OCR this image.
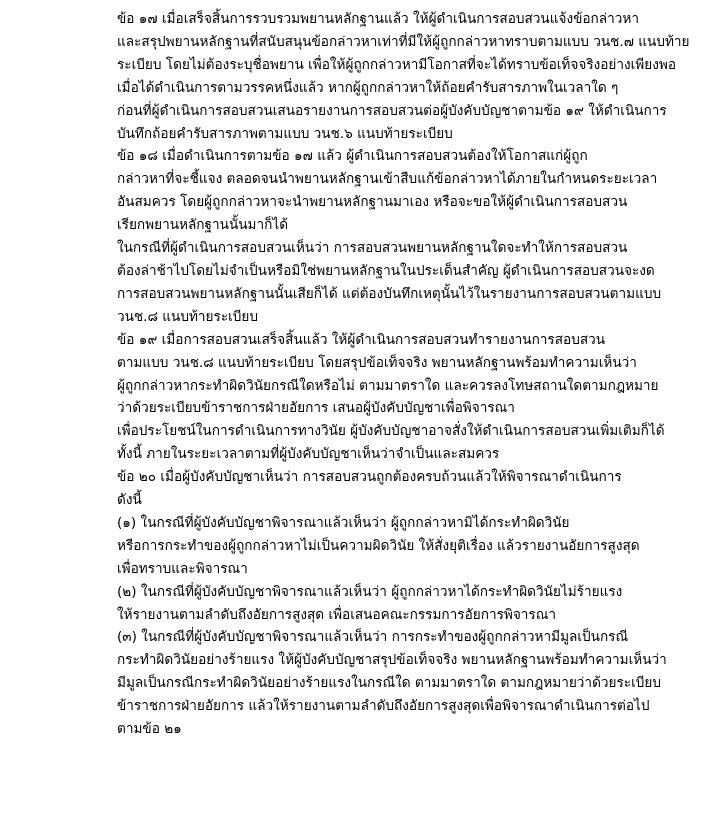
ข้อ ๑๗ เมื่อเสร็จสิ้นการรวบรวมพยานหลักฐานแล้ว ให้ผู้ดำเนินการสอบสวนแจ้งข้อกล่าวหา
และสรุปพยานหลักฐานที่สนับสนุนข้อกล่าวหาเท่าที่มีให้ผู้ถูกกล่าวหาทราบตามแบบ วนช.๗ แนบท้าย
ระเบียบ โดยไม่ต้องระบุชื่อพยาน เพื่อให้ผู้ถูกกล่าวหามีโอกาสที่จะได้ทราบข้อเท็จจริงอย่างเพียงพอ

เมื่อได้ดำเนินการตามวรรคหนึ่งแล้ว หากผู้ถูกกล่าวหาให้ถ้อยคำรับสารภาพในเวลาใด ๆ
ก่อนที่ผู้ดำเนินการสอบสวนเสนอรายงานการสอบสวนต่อผู้บังคับบัญชาตามข้อ ๑๙ ให้ดำเนินการ
บันทึกถ้อยคำรับสารภาพตามแบบ วนช.๖ แนบท้ายระเบียบ

ข้อ ๑๘ เมื่อดำเนินการตามข้อ ๑๗ แล้ว ผู้ดำเนินการสอบสวนต้องให้โอกาสแก่ผู้ถูก
กล่าวหาที่จะชี้แจง ตลอดจนนำพยานหลักฐานเข้าสืบแก้ข้อกล่าวหาได้ภายในกำหนดระยะเวลา
อันสมควร โดยผู้ถูกกล่าวหาจะนำพยานหลักฐานมาเอง หรือจะขอให้ผู้ดำเนินการสอบสวน
เรียกพยานหลักฐานนั้นมาก็ได้

ในกรณีที่ผู้ดำเนินการสอบสวนเห็นว่า การสอบสวนพยานหลักฐานใดจะทำให้การสอบสวน
ต้องล่าช้าไปโดยไม่จำเป็นหรือมิใช่พยานหลักฐานในประเด็นสำคัญ ผู้ดำเนินการสอบสวนจะงด
การสอบสวนพยานหลักฐานนั้นเสียก็ได้ แต่ต้องบันทึกเหตุนั้นไว้ในรายงานการสอบสวนตามแบบ
วนช.๘ แนบท้ายระเบียบ

ข้อ ๑๙ เมื่อการสอบสวนเสร็จสิ้นแล้ว ให้ผู้ดำเนินการสอบสวนทำรายงานการสอบสวน
ตามแบบ วนช.๘ แนบท้ายระเบียบ โดยสรุปข้อเท็จจริง พยานหลักฐานพร้อมทำความเห็นว่า
ผู้ถูกกล่าวหากระทำผิดวินัยกรณีใดหรือไม่ ตามมาตราใด และควรลงโทษสถานใดตามกฎหมาย
ว่าด้วยระเบียบข้าราชการฝ่ายอัยการ เสนอผู้บังคับบัญชาเพื่อพิจารณา

เพื่อประโยชน์ในการดำเนินการทางวินัย ผู้บังคับบัญชาอาจสั่งให้ดำเนินการสอบสวนเพิ่มเติมก็ได้
ทั้งนี้ ภายในระยะเวลาตามที่ผู้บังคับบัญชาเห็นว่าจำเป็นและสมควร

ข้อ ๒๐ เมื่อผู้บังคับบัญชาเห็นว่า การสอบสวนถูกต้องครบถ้วนแล้วให้พิจารณาดำเนินการ
ดังนี้

(๑) ในกรณีที่ผู้บังคับบัญชาพิจารณาแล้วเห็นว่า ผู้ถูกกล่าวหามิได้กระทำผิดวินัย
หรือการกระทำของผู้ถูกกล่าวหาไม่เป็นความผิดวินัย ให้สั่งยุติเรื่อง แล้วรายงานอัยการสูงสุด
เพื่อทราบและพิจารณา

(๒) ในกรณีที่ผู้บังคับบัญชาพิจารณาแล้วเห็นว่า ผู้ถูกกล่าวหาได้กระทำผิดวินัยไม่ร้ายแรง
ให้รายงานตามลำดับถึงอัยการสูงสุด เพื่อเสนอคณะกรรมการอัยการพิจารณา

(๓) ในกรณีที่ผู้บังคับบัญชาพิจารณาแล้วเห็นว่า การกระทำของผู้ถูกกล่าวหามีมูลเป็นกรณี
กระทำผิดวินัยอย่างร้ายแรง ให้ผู้บังคับบัญชาสรุปข้อเท็จจริง พยานหลักฐานพร้อมทำความเห็นว่า
มีมูลเป็นกรณีกระทำผิดวินัยอย่างร้ายแรงในกรณีใด ตามมาตราใด ตามกฎหมายว่าด้วยระเบียบ
ข้าราชการฝ่ายอัยการ แล้วให้รายงานตามลำดับถึงอัยการสูงสุดเพื่อพิจารณาดำเนินการต่อไป
ตามข้อ ๒๑
